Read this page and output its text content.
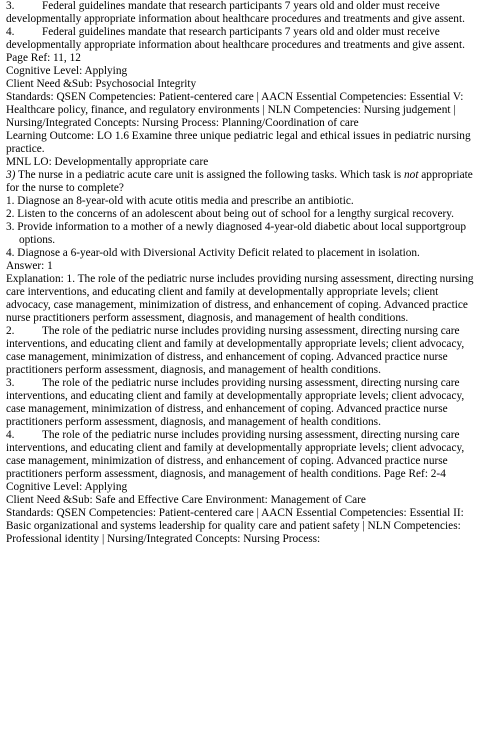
3. Federal guidelines mandate that research participants 7 years old and older must receive developmentally appropriate information about healthcare procedures and treatments and give assent.

4. Federal guidelines mandate that research participants 7 years old and older must receive developmentally appropriate information about healthcare procedures and treatments and give assent.

Page Ref: 11, 12

Cognitive Level: Applying

Client Need &Sub: Psychosocial Integrity

Standards: QSEN Competencies: Patient-centered care | AACN Essential Competencies: Essential V: Healthcare policy, finance, and regulatory environments | NLN Competencies: Nursing judgement | Nursing/Integrated Concepts: Nursing Process: Planning/Coordination of care

Learning Outcome: LO 1.6 Examine three unique pediatric legal and ethical issues in pediatric nursing practice.

MNL LO: Developmentally appropriate care

3) The nurse in a pediatric acute care unit is assigned the following tasks. Which task is not appropriate for the nurse to complete?

1. Diagnose an 8-year-old with acute otitis media and prescribe an antibiotic.

2. Listen to the concerns of an adolescent about being out of school for a lengthy surgical recovery.

3. Provide information to a mother of a newly diagnosed 4-year-old diabetic about local supportgroup options.

4. Diagnose a 6-year-old with Diversional Activity Deficit related to placement in isolation.

Answer: 1

Explanation: 1. The role of the pediatric nurse includes providing nursing assessment, directing nursing care interventions, and educating client and family at developmentally appropriate levels; client advocacy, case management, minimization of distress, and enhancement of coping. Advanced practice nurse practitioners perform assessment, diagnosis, and management of health conditions.

2. The role of the pediatric nurse includes providing nursing assessment, directing nursing care interventions, and educating client and family at developmentally appropriate levels; client advocacy, case management, minimization of distress, and enhancement of coping. Advanced practice nurse practitioners perform assessment, diagnosis, and management of health conditions.

3. The role of the pediatric nurse includes providing nursing assessment, directing nursing care interventions, and educating client and family at developmentally appropriate levels; client advocacy, case management, minimization of distress, and enhancement of coping. Advanced practice nurse practitioners perform assessment, diagnosis, and management of health conditions.

4. The role of the pediatric nurse includes providing nursing assessment, directing nursing care interventions, and educating client and family at developmentally appropriate levels; client advocacy, case management, minimization of distress, and enhancement of coping. Advanced practice nurse practitioners perform assessment, diagnosis, and management of health conditions. Page Ref: 2-4

Cognitive Level: Applying

Client Need &Sub: Safe and Effective Care Environment: Management of Care

Standards: QSEN Competencies: Patient-centered care | AACN Essential Competencies: Essential II: Basic organizational and systems leadership for quality care and patient safety | NLN Competencies: Professional identity | Nursing/Integrated Concepts: Nursing Process:
